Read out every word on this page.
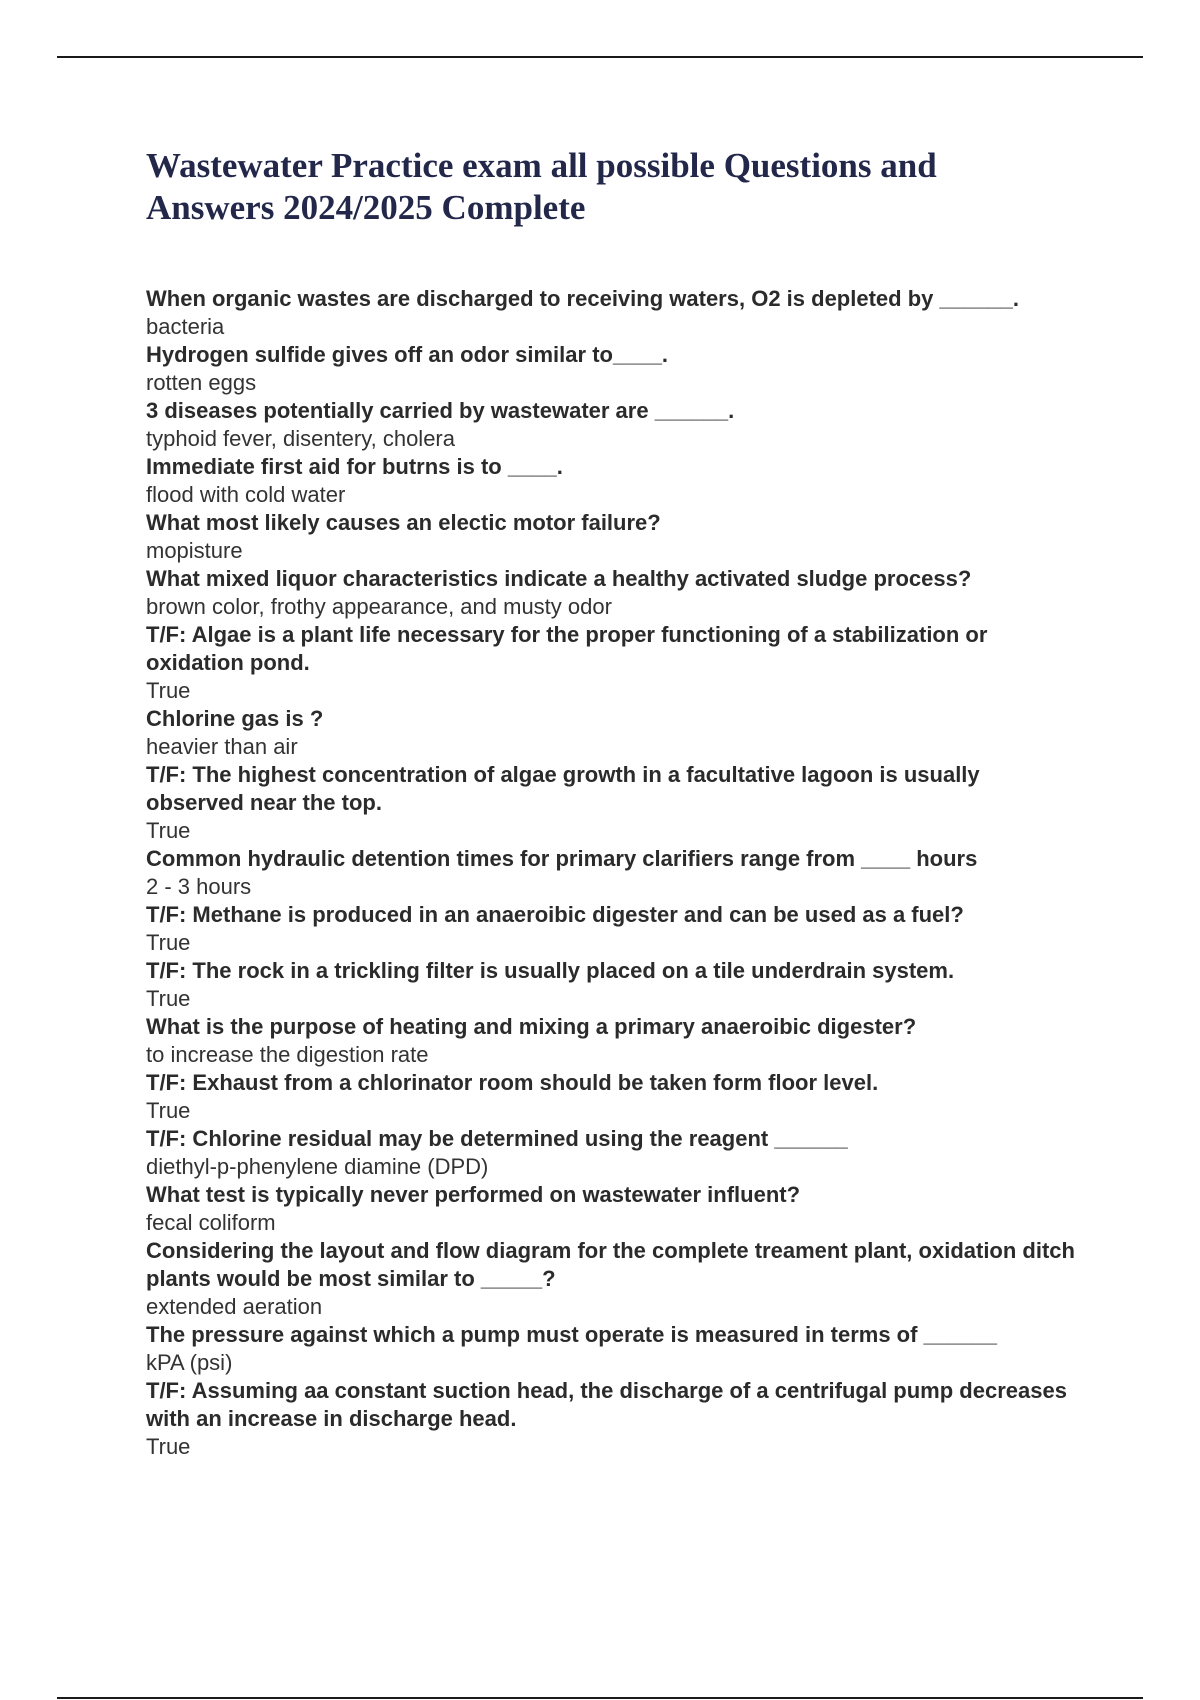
Wastewater Practice exam all possible Questions and
Answers 2024/2025 Complete
When organic wastes are discharged to receiving waters, O2 is depleted by ______.
bacteria
Hydrogen sulfide gives off an odor similar to____.
rotten eggs
3 diseases potentially carried by wastewater are ______.
typhoid fever, disentery, cholera
Immediate first aid for butrns is to ____.
flood with cold water
What most likely causes an electic motor failure?
mopisture
What mixed liquor characteristics indicate a healthy activated sludge process?
brown color, frothy appearance, and musty odor
T/F: Algae is a plant life necessary for the proper functioning of a stabilization or oxidation pond.
True
Chlorine gas is ?
heavier than air
T/F: The highest concentration of algae growth in a facultative lagoon is usually observed near the top.
True
Common hydraulic detention times for primary clarifiers range from ____ hours
2 - 3 hours
T/F: Methane is produced in an anaeroibic digester and can be used as a fuel?
True
T/F: The rock in a trickling filter is usually placed on a tile underdrain system.
True
What is the purpose of heating and mixing a primary anaeroibic digester?
to increase the digestion rate
T/F: Exhaust from a chlorinator room should be taken form floor level.
True
T/F: Chlorine residual may be determined using the reagent ______
diethyl-p-phenylene diamine (DPD)
What test is typically never performed on wastewater influent?
fecal coliform
Considering the layout and flow diagram for the complete treament plant, oxidation ditch plants would be most similar to _____?
extended aeration
The pressure against which a pump must operate is measured in terms of ______
kPA (psi)
T/F: Assuming aa constant suction head, the discharge of a centrifugal pump decreases with an increase in discharge head.
True
